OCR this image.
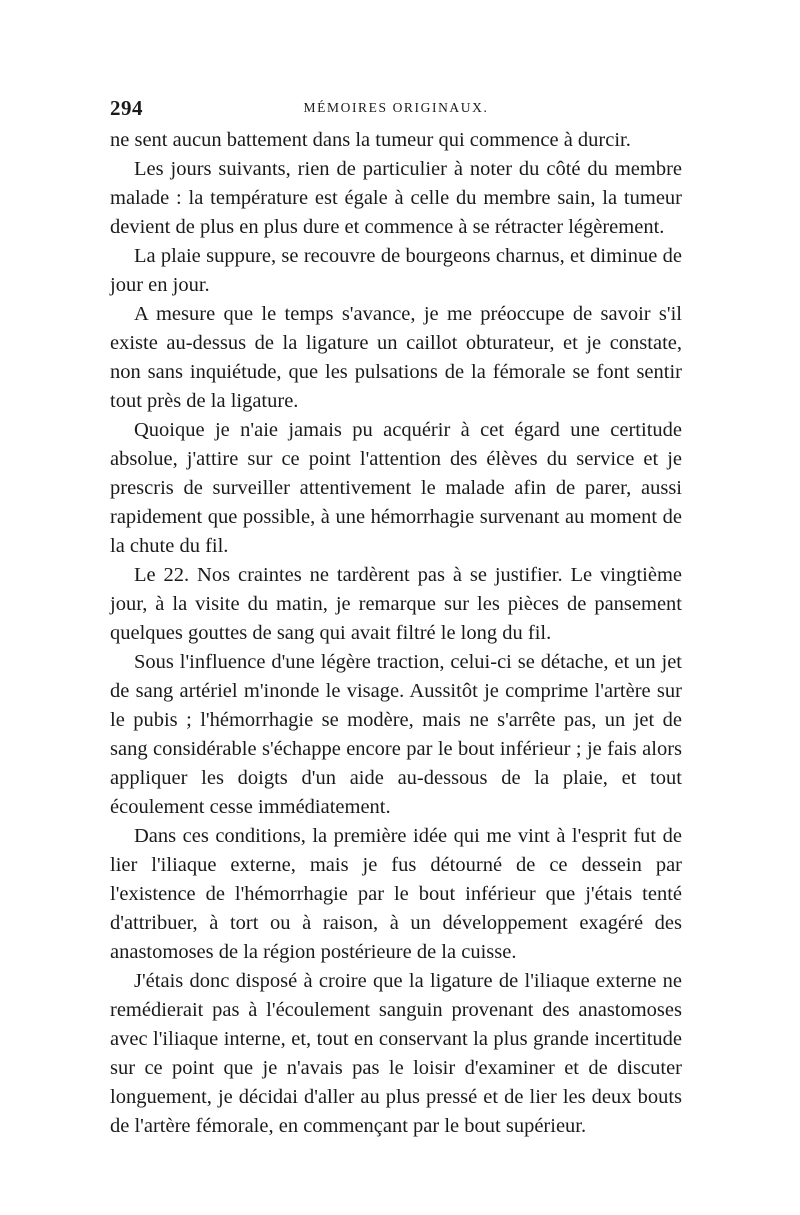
294	MÉMOIRES ORIGINAUX.

ne sent aucun battement dans la tumeur qui commence à durcir.

Les jours suivants, rien de particulier à noter du côté du membre malade : la température est égale à celle du membre sain, la tumeur devient de plus en plus dure et commence à se rétracter légèrement.

La plaie suppure, se recouvre de bourgeons charnus, et diminue de jour en jour.

A mesure que le temps s'avance, je me préoccupe de savoir s'il existe au-dessus de la ligature un caillot obturateur, et je constate, non sans inquiétude, que les pulsations de la fémorale se font sentir tout près de la ligature.

Quoique je n'aie jamais pu acquérir à cet égard une certitude absolue, j'attire sur ce point l'attention des élèves du service et je prescris de surveiller attentivement le malade afin de parer, aussi rapidement que possible, à une hémorrhagie survenant au moment de la chute du fil.

Le 22. Nos craintes ne tardèrent pas à se justifier. Le vingtième jour, à la visite du matin, je remarque sur les pièces de pansement quelques gouttes de sang qui avait filtré le long du fil.

Sous l'influence d'une légère traction, celui-ci se détache, et un jet de sang artériel m'inonde le visage. Aussitôt je comprime l'artère sur le pubis ; l'hémorrhagie se modère, mais ne s'arrête pas, un jet de sang considérable s'échappe encore par le bout inférieur ; je fais alors appliquer les doigts d'un aide au-dessous de la plaie, et tout écoulement cesse immédiatement.

Dans ces conditions, la première idée qui me vint à l'esprit fut de lier l'iliaque externe, mais je fus détourné de ce dessein par l'existence de l'hémorrhagie par le bout inférieur que j'étais tenté d'attribuer, à tort ou à raison, à un développement exagéré des anastomoses de la région postérieure de la cuisse.

J'étais donc disposé à croire que la ligature de l'iliaque externe ne remédierait pas à l'écoulement sanguin provenant des anastomoses avec l'iliaque interne, et, tout en conservant la plus grande incertitude sur ce point que je n'avais pas le loisir d'examiner et de discuter longuement, je décidai d'aller au plus pressé et de lier les deux bouts de l'artère fémorale, en commençant par le bout supérieur.
